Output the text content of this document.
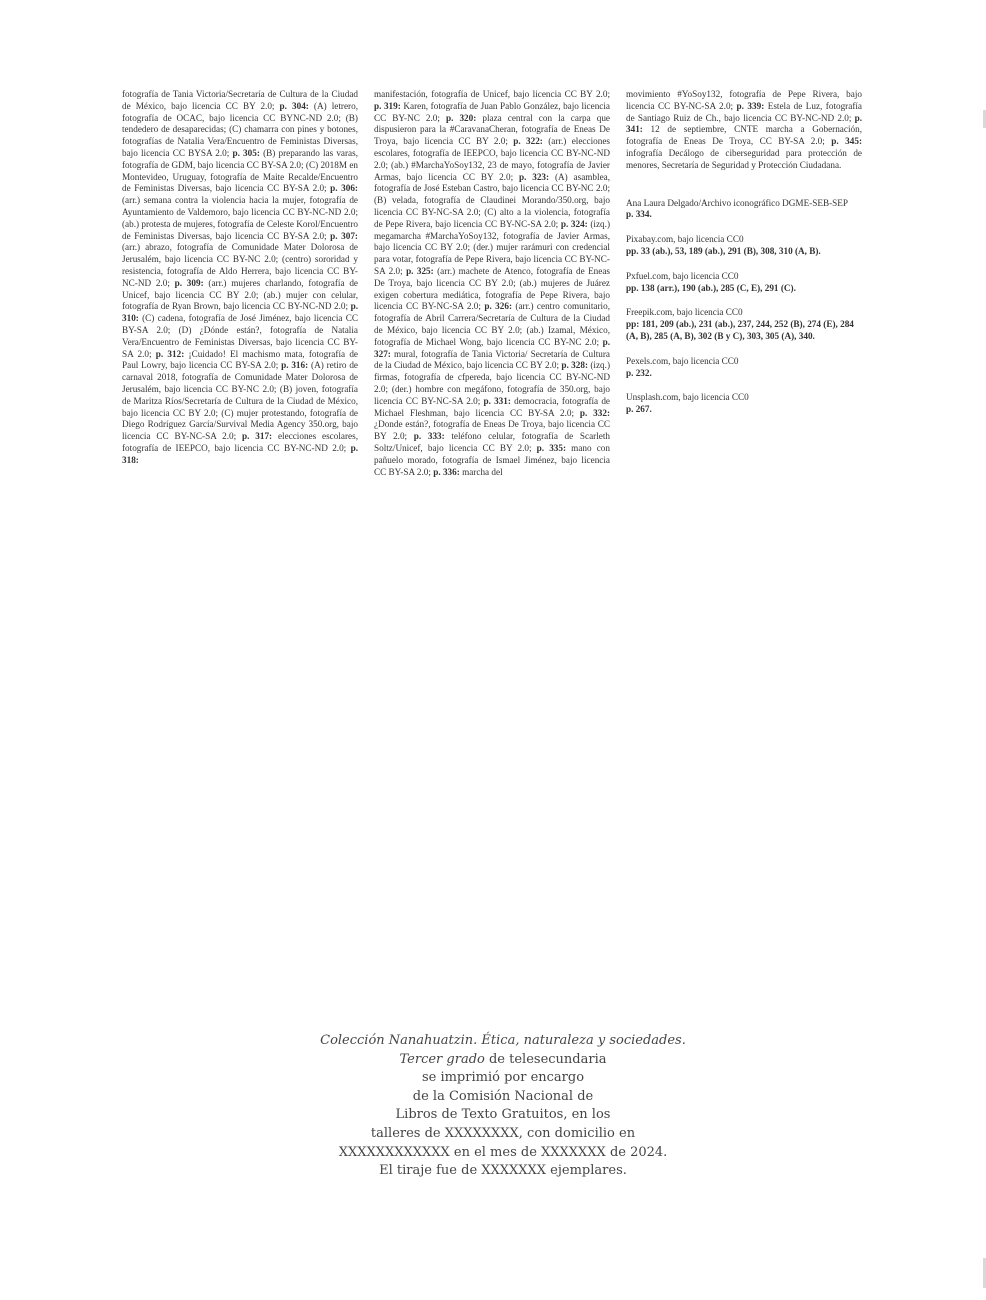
fotografía de Tania Victoria/Secretaría de Cultura de la Ciudad de México, bajo licencia CC BY 2.0; p. 304: (A) letrero, fotografía de OCAC, bajo licencia CC BYNC-ND 2.0; (B) tendedero de desaparecidas; (C) chamarra con pines y botones, fotografías de Natalia Vera/Encuentro de Feministas Diversas, bajo licencia CC BYSA 2.0; p. 305: (B) preparando las varas, fotografía de GDM, bajo licencia CC BY-SA 2.0; (C) 2018M en Montevideo, Uruguay, fotografía de Maite Recalde/Encuentro de Feministas Diversas, bajo licencia CC BY-SA 2.0; p. 306: (arr.) semana contra la violencia hacia la mujer, fotografía de Ayuntamiento de Valdemoro, bajo licencia CC BY-NC-ND 2.0; (ab.) protesta de mujeres, fotografía de Celeste Korol/Encuentro de Feministas Diversas, bajo licencia CC BY-SA 2.0; p. 307: (arr.) abrazo, fotografía de Comunidade Mater Dolorosa de Jerusalém, bajo licencia CC BY-NC 2.0; (centro) sororidad y resistencia, fotografía de Aldo Herrera, bajo licencia CC BY-NC-ND 2.0; p. 309: (arr.) mujeres charlando, fotografía de Unicef, bajo licencia CC BY 2.0; (ab.) mujer con celular, fotografía de Ryan Brown, bajo licencia CC BY-NC-ND 2.0; p. 310: (C) cadena, fotografía de José Jiménez, bajo licencia CC BY-SA 2.0; (D) ¿Dónde están?, fotografía de Natalia Vera/Encuentro de Feministas Diversas, bajo licencia CC BY-SA 2.0; p. 312: ¡Cuidado! El machismo mata, fotografía de Paul Lowry, bajo licencia CC BY-SA 2.0; p. 316: (A) retiro de carnaval 2018, fotografía de Comunidade Mater Dolorosa de Jerusalém, bajo licencia CC BY-NC 2.0; (B) joven, fotografía de Maritza Ríos/Secretaría de Cultura de la Ciudad de México, bajo licencia CC BY 2.0; (C) mujer protestando, fotografía de Diego Rodríguez García/Survival Media Agency 350.org, bajo licencia CC BY-NC-SA 2.0; p. 317: elecciones escolares, fotografía de IEEPCO, bajo licencia CC BY-NC-ND 2.0; p. 318:
manifestación, fotografía de Unicef, bajo licencia CC BY 2.0; p. 319: Karen, fotografía de Juan Pablo González, bajo licencia CC BY-NC 2.0; p. 320: plaza central con la carpa que dispusieron para la #CaravanaCheran, fotografía de Eneas De Troya, bajo licencia CC BY 2.0; p. 322: (arr.) elecciones escolares, fotografía de IEEPCO, bajo licencia CC BY-NC-ND 2.0; (ab.) #MarchaYoSoy132, 23 de mayo, fotografía de Javier Armas, bajo licencia CC BY 2.0; p. 323: (A) asamblea, fotografía de José Esteban Castro, bajo licencia CC BY-NC 2.0; (B) velada, fotografía de Claudinei Morando/350.org, bajo licencia CC BY-NC-SA 2.0; (C) alto a la violencia, fotografía de Pepe Rivera, bajo licencia CC BY-NC-SA 2.0; p. 324: (izq.) megamarcha #MarchaYoSoy132, fotografía de Javier Armas, bajo licencia CC BY 2.0; (der.) mujer rarámuri con credencial para votar, fotografía de Pepe Rivera, bajo licencia CC BY-NC-SA 2.0; p. 325: (arr.) machete de Atenco, fotografía de Eneas De Troya, bajo licencia CC BY 2.0; (ab.) mujeres de Juárez exigen cobertura mediática, fotografía de Pepe Rivera, bajo licencia CC BY-NC-SA 2.0; p. 326: (arr.) centro comunitario, fotografía de Abril Carrera/Secretaría de Cultura de la Ciudad de México, bajo licencia CC BY 2.0; (ab.) Izamal, México, fotografía de Michael Wong, bajo licencia CC BY-NC 2.0; p. 327: mural, fotografía de Tania Victoria/ Secretaría de Cultura de la Ciudad de México, bajo licencia CC BY 2.0; p. 328: (izq.) firmas, fotografía de cfpereda, bajo licencia CC BY-NC-ND 2.0; (der.) hombre con megáfono, fotografía de 350.org, bajo licencia CC BY-NC-SA 2.0; p. 331: democracia, fotografía de Michael Fleshman, bajo licencia CC BY-SA 2.0; p. 332: ¿Donde están?, fotografía de Eneas De Troya, bajo licencia CC BY 2.0; p. 333: teléfono celular, fotografía de Scarleth Soltz/Unicef, bajo licencia CC BY 2.0; p. 335: mano con pañuelo morado, fotografía de Ismael Jiménez, bajo licencia CC BY-SA 2.0; p. 336: marcha del
movimiento #YoSoy132, fotografía de Pepe Rivera, bajo licencia CC BY-NC-SA 2.0; p. 339: Estela de Luz, fotografía de Santiago Ruiz de Ch., bajo licencia CC BY-NC-ND 2.0; p. 341: 12 de septiembre, CNTE marcha a Gobernación, fotografía de Eneas De Troya, CC BY-SA 2.0; p. 345: infografía Decálogo de ciberseguridad para protección de menores, Secretaría de Seguridad y Protección Ciudadana.
Ana Laura Delgado/Archivo iconográfico DGME-SEB-SEP
p. 334.
Pixabay.com, bajo licencia CC0
pp. 33 (ab.), 53, 189 (ab.), 291 (B), 308, 310 (A, B).
Pxfuel.com, bajo licencia CC0
pp. 138 (arr.), 190 (ab.), 285 (C, E), 291 (C).
Freepik.com, bajo licencia CC0
pp: 181, 209 (ab.), 231 (ab.), 237, 244, 252 (B), 274 (E), 284 (A, B), 285 (A, B), 302 (B y C), 303, 305 (A), 340.
Pexels.com, bajo licencia CC0
p. 232.
Unsplash.com, bajo licencia CC0
p. 267.
Colección Nanahuatzin. Ética, naturaleza y sociedades.
Tercer grado de telesecundaria
se imprimió por encargo
de la Comisión Nacional de
Libros de Texto Gratuitos, en los
talleres de XXXXXXXX, con domicilio en
XXXXXXXXXXXX en el mes de XXXXXXX de 2024.
El tiraje fue de XXXXXXX ejemplares.
